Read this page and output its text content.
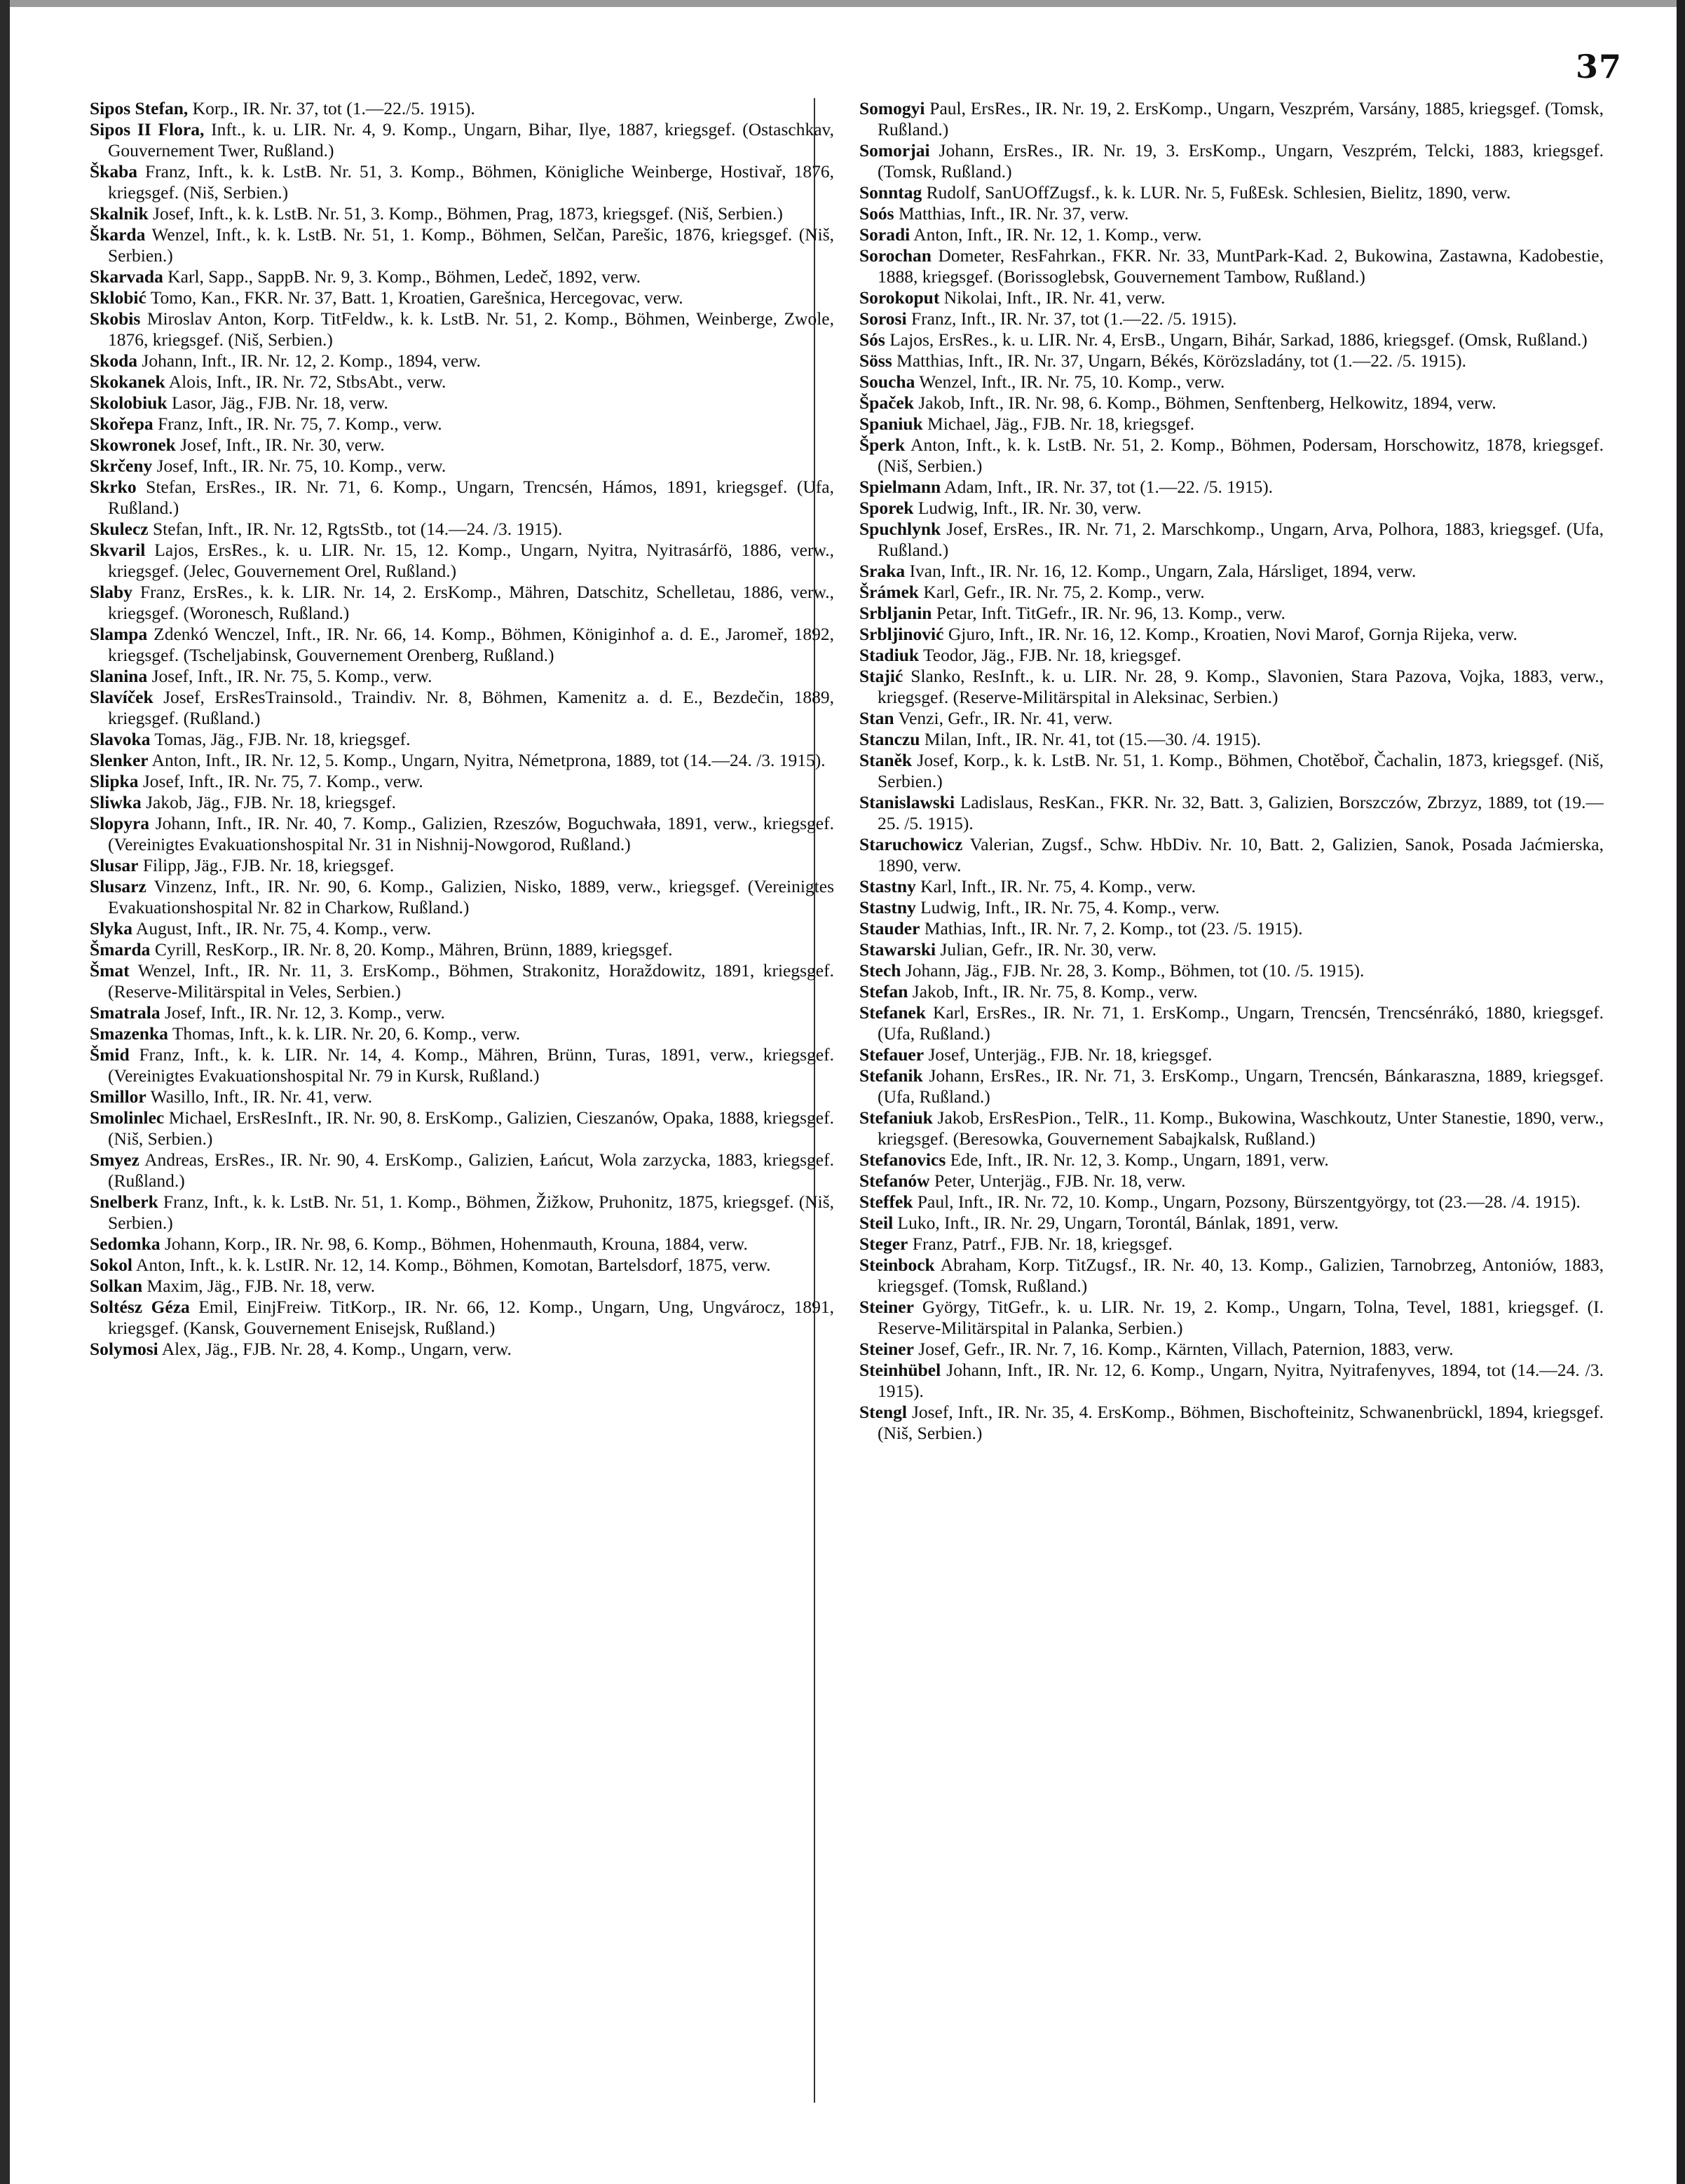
37

Sipos Stefan, Korp., IR. Nr. 37, tot (1.—22./5. 1915).

Sipos II Flora, Inft., k. u. LIR. Nr. 4, 9. Komp., Ungarn, Bihar, Ilye, 1887, kriegsgef. (Ostaschkav, Gouvernement Twer, Rußland.)

Škaba Franz, Inft., k. k. LstB. Nr. 51, 3. Komp., Böhmen, Königliche Weinberge, Hostivař, 1876, kriegsgef. (Niš, Serbien.)

Skalnik Josef, Inft., k. k. LstB. Nr. 51, 3. Komp., Böhmen, Prag, 1873, kriegsgef. (Niš, Serbien.)

Škarda Wenzel, Inft., k. k. LstB. Nr. 51, 1. Komp., Böhmen, Selčan, Parešic, 1876, kriegsgef. (Niš, Serbien.)

Skarvada Karl, Sapp., SappB. Nr. 9, 3. Komp., Böhmen, Ledeč, 1892, verw.

Sklobić Tomo, Kan., FKR. Nr. 37, Batt. 1, Kroatien, Garešnica, Hercegovac, verw.

Skobis Miroslav Anton, Korp. TitFeldw., k. k. LstB. Nr. 51, 2. Komp., Böhmen, Weinberge, Zwole, 1876, kriegsgef. (Niš, Serbien.)

Skoda Johann, Inft., IR. Nr. 12, 2. Komp., 1894, verw.

Skokanek Alois, Inft., IR. Nr. 72, StbsAbt., verw.

Skolobiuk Lasor, Jäg., FJB. Nr. 18, verw.

Skořepa Franz, Inft., IR. Nr. 75, 7. Komp., verw.

Skowronek Josef, Inft., IR. Nr. 30, verw.

Skrčeny Josef, Inft., IR. Nr. 75, 10. Komp., verw.

Skrko Stefan, ErsRes., IR. Nr. 71, 6. Komp., Ungarn, Trencsén, Hámos, 1891, kriegsgef. (Ufa, Rußland.)

Skulecz Stefan, Inft., IR. Nr. 12, RgtsStb., tot (14.—24. /3. 1915).

Skvaril Lajos, ErsRes., k. u. LIR. Nr. 15, 12. Komp., Ungarn, Nyitra, Nyitrasárfö, 1886, verw., kriegsgef. (Jelec, Gouvernement Orel, Rußland.)

Slaby Franz, ErsRes., k. k. LIR. Nr. 14, 2. ErsKomp., Mähren, Datschitz, Schelletau, 1886, verw., kriegsgef. (Woronesch, Rußland.)

Slampa Zdenkó Wenczel, Inft., IR. Nr. 66, 14. Komp., Böhmen, Königinhof a. d. E., Jaromeř, 1892, kriegsgef. (Tscheljabinsk, Gouvernement Orenberg, Rußland.)

Slanina Josef, Inft., IR. Nr. 75, 5. Komp., verw.

Slavíček Josef, ErsResTrainsold., Traindiv. Nr. 8, Böhmen, Kamenitz a. d. E., Bezdečin, 1889, kriegsgef. (Rußland.)

Slavoka Tomas, Jäg., FJB. Nr. 18, kriegsgef.

Slenker Anton, Inft., IR. Nr. 12, 5. Komp., Ungarn, Nyitra, Németprona, 1889, tot (14.—24. /3. 1915).

Slipka Josef, Inft., IR. Nr. 75, 7. Komp., verw.

Sliwka Jakob, Jäg., FJB. Nr. 18, kriegsgef.

Slopyra Johann, Inft., IR. Nr. 40, 7. Komp., Galizien, Rzeszów, Boguchwała, 1891, verw., kriegsgef. (Vereinigtes Evakuationshospital Nr. 31 in Nishnij-Nowgorod, Rußland.)

Slusar Filipp, Jäg., FJB. Nr. 18, kriegsgef.

Slusarz Vinzenz, Inft., IR. Nr. 90, 6. Komp., Galizien, Nisko, 1889, verw., kriegsgef. (Vereinigtes Evakuationshospital Nr. 82 in Charkow, Rußland.)

Slyka August, Inft., IR. Nr. 75, 4. Komp., verw.

Šmarda Cyrill, ResKorp., IR. Nr. 8, 20. Komp., Mähren, Brünn, 1889, kriegsgef.

Šmat Wenzel, Inft., IR. Nr. 11, 3. ErsKomp., Böhmen, Strakonitz, Horaždowitz, 1891, kriegsgef. (Reserve-Militärspital in Veles, Serbien.)

Smatrala Josef, Inft., IR. Nr. 12, 3. Komp., verw.

Smazenka Thomas, Inft., k. k. LIR. Nr. 20, 6. Komp., verw.

Šmid Franz, Inft., k. k. LIR. Nr. 14, 4. Komp., Mähren, Brünn, Turas, 1891, verw., kriegsgef. (Vereinigtes Evakuationshospital Nr. 79 in Kursk, Rußland.)

Smillor Wasillo, Inft., IR. Nr. 41, verw.

Smolinlec Michael, ErsResInft., IR. Nr. 90, 8. ErsKomp., Galizien, Cieszanów, Opaka, 1888, kriegsgef. (Niš, Serbien.)

Smyez Andreas, ErsRes., IR. Nr. 90, 4. ErsKomp., Galizien, Łańcut, Wola zarzycka, 1883, kriegsgef. (Rußland.)

Snelberk Franz, Inft., k. k. LstB. Nr. 51, 1. Komp., Böhmen, Žižkow, Pruhonitz, 1875, kriegsgef. (Niš, Serbien.)

Sedomka Johann, Korp., IR. Nr. 98, 6. Komp., Böhmen, Hohenmauth, Krouna, 1884, verw.

Sokol Anton, Inft., k. k. LstIR. Nr. 12, 14. Komp., Böhmen, Komotan, Bartelsdorf, 1875, verw.

Solkan Maxim, Jäg., FJB. Nr. 18, verw.

Soltész Géza Emil, EinjFreiw. TitKorp., IR. Nr. 66, 12. Komp., Ungarn, Ung, Ungvárocz, 1891, kriegsgef. (Kansk, Gouvernement Enisejsk, Rußland.)

Solymosi Alex, Jäg., FJB. Nr. 28, 4. Komp., Ungarn, verw.

Somogyi Paul, ErsRes., IR. Nr. 19, 2. ErsKomp., Ungarn, Veszprém, Varsány, 1885, kriegsgef. (Tomsk, Rußland.)

Somorjai Johann, ErsRes., IR. Nr. 19, 3. ErsKomp., Ungarn, Veszprém, Telcki, 1883, kriegsgef. (Tomsk, Rußland.)

Sonntag Rudolf, SanUOffZugsf., k. k. LUR. Nr. 5, FußEsk. Schlesien, Bielitz, 1890, verw.

Soós Matthias, Inft., IR. Nr. 37, verw.

Soradi Anton, Inft., IR. Nr. 12, 1. Komp., verw.

Sorochan Dometer, ResFahrkan., FKR. Nr. 33, MuntPark-Kad. 2, Bukowina, Zastawna, Kadobestie, 1888, kriegsgef. (Borissoglebsk, Gouvernement Tambow, Rußland.)

Sorokoput Nikolai, Inft., IR. Nr. 41, verw.

Sorosi Franz, Inft., IR. Nr. 37, tot (1.—22. /5. 1915).

Sós Lajos, ErsRes., k. u. LIR. Nr. 4, ErsB., Ungarn, Bihár, Sarkad, 1886, kriegsgef. (Omsk, Rußland.)

Söss Matthias, Inft., IR. Nr. 37, Ungarn, Békés, Körözsladány, tot (1.—22. /5. 1915).

Soucha Wenzel, Inft., IR. Nr. 75, 10. Komp., verw.

Špaček Jakob, Inft., IR. Nr. 98, 6. Komp., Böhmen, Senftenberg, Helkowitz, 1894, verw.

Spaniuk Michael, Jäg., FJB. Nr. 18, kriegsgef.

Šperk Anton, Inft., k. k. LstB. Nr. 51, 2. Komp., Böhmen, Podersam, Horschowitz, 1878, kriegsgef. (Niš, Serbien.)

Spielmann Adam, Inft., IR. Nr. 37, tot (1.—22. /5. 1915).

Sporek Ludwig, Inft., IR. Nr. 30, verw.

Spuchlynk Josef, ErsRes., IR. Nr. 71, 2. Marschkomp., Ungarn, Arva, Polhora, 1883, kriegsgef. (Ufa, Rußland.)

Sraka Ivan, Inft., IR. Nr. 16, 12. Komp., Ungarn, Zala, Hársliget, 1894, verw.

Šrámek Karl, Gefr., IR. Nr. 75, 2. Komp., verw.

Srbljanin Petar, Inft. TitGefr., IR. Nr. 96, 13. Komp., verw.

Srbljinović Gjuro, Inft., IR. Nr. 16, 12. Komp., Kroatien, Novi Marof, Gornja Rijeka, verw.

Stadiuk Teodor, Jäg., FJB. Nr. 18, kriegsgef.

Stajić Slanko, ResInft., k. u. LIR. Nr. 28, 9. Komp., Slavonien, Stara Pazova, Vojka, 1883, verw., kriegsgef. (Reserve-Militärspital in Aleksinac, Serbien.)

Stan Venzi, Gefr., IR. Nr. 41, verw.

Stanczu Milan, Inft., IR. Nr. 41, tot (15.—30. /4. 1915).

Staněk Josef, Korp., k. k. LstB. Nr. 51, 1. Komp., Böhmen, Chotěboř, Čachalin, 1873, kriegsgef. (Niš, Serbien.)

Stanislawski Ladislaus, ResKan., FKR. Nr. 32, Batt. 3, Galizien, Borszczów, Zbrzyz, 1889, tot (19.—25. /5. 1915).

Staruchowicz Valerian, Zugsf., Schw. HbDiv. Nr. 10, Batt. 2, Galizien, Sanok, Posada Jaćmierska, 1890, verw.

Stastny Karl, Inft., IR. Nr. 75, 4. Komp., verw.

Stastny Ludwig, Inft., IR. Nr. 75, 4. Komp., verw.

Stauder Mathias, Inft., IR. Nr. 7, 2. Komp., tot (23. /5. 1915).

Stawarski Julian, Gefr., IR. Nr. 30, verw.

Stech Johann, Jäg., FJB. Nr. 28, 3. Komp., Böhmen, tot (10. /5. 1915).

Stefan Jakob, Inft., IR. Nr. 75, 8. Komp., verw.

Stefanek Karl, ErsRes., IR. Nr. 71, 1. ErsKomp., Ungarn, Trencsén, Trencsénrákó, 1880, kriegsgef. (Ufa, Rußland.)

Stefauer Josef, Unterjäg., FJB. Nr. 18, kriegsgef.

Stefanik Johann, ErsRes., IR. Nr. 71, 3. ErsKomp., Ungarn, Trencsén, Bánkaraszna, 1889, kriegsgef. (Ufa, Rußland.)

Stefaniuk Jakob, ErsResPion., TelR., 11. Komp., Bukowina, Waschkoutz, Unter Stanestie, 1890, verw., kriegsgef. (Beresowka, Gouvernement Sabajkalsk, Rußland.)

Stefanovics Ede, Inft., IR. Nr. 12, 3. Komp., Ungarn, 1891, verw.

Stefanów Peter, Unterjäg., FJB. Nr. 18, verw.

Steffek Paul, Inft., IR. Nr. 72, 10. Komp., Ungarn, Pozsony, Bürszentgyörgy, tot (23.—28. /4. 1915).

Steil Luko, Inft., IR. Nr. 29, Ungarn, Torontál, Bánlak, 1891, verw.

Steger Franz, Patrf., FJB. Nr. 18, kriegsgef.

Steinbock Abraham, Korp. TitZugsf., IR. Nr. 40, 13. Komp., Galizien, Tarnobrzeg, Antoniów, 1883, kriegsgef. (Tomsk, Rußland.)

Steiner György, TitGefr., k. u. LIR. Nr. 19, 2. Komp., Ungarn, Tolna, Tevel, 1881, kriegsgef. (I. Reserve-Militärspital in Palanka, Serbien.)

Steiner Josef, Gefr., IR. Nr. 7, 16. Komp., Kärnten, Villach, Paternion, 1883, verw.

Steinhübel Johann, Inft., IR. Nr. 12, 6. Komp., Ungarn, Nyitra, Nyitrafenyves, 1894, tot (14.—24. /3. 1915).

Stengl Josef, Inft., IR. Nr. 35, 4. ErsKomp., Böhmen, Bischofteinitz, Schwanenbrückl, 1894, kriegsgef. (Niš, Serbien.)
